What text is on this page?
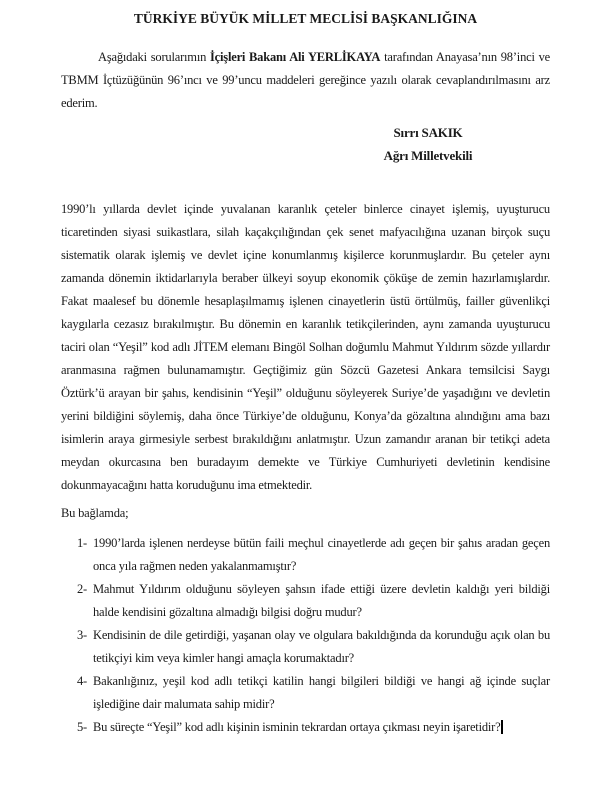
TÜRKİYE BÜYÜK MİLLET MECLİSİ BAŞKANLIĞINA

Aşağıdaki sorularımın İçişleri Bakanı Ali YERLİKAYA tarafından Anayasa’nın 98’inci ve TBMM İçtüzüğünün 96’ıncı ve 99’uncu maddeleri gereğince yazılı olarak cevaplandırılmasını arz ederim.

Sırrı SAKIK
Ağrı Milletvekili

1990’lı yıllarda devlet içinde yuvalanan karanlık çeteler binlerce cinayet işlemiş, uyuşturucu ticaretinden siyasi suikastlara, silah kaçakçılığından çek senet mafyacılığına uzanan birçok suçu sistematik olarak işlemiş ve devlet içine konumlanmış kişilerce korunmuşlardır. Bu çeteler aynı zamanda dönemin iktidarlarıyla beraber ülkeyi soyup ekonomik çöküşe de zemin hazırlamışlardır. Fakat maalesef bu dönemle hesaplaşılmamış işlenen cinayetlerin üstü örtülmüş, failler güvenlikçi kaygılarla cezasız bırakılmıştır. Bu dönemin en karanlık tetikçilerinden, aynı zamanda uyuşturucu taciri olan “Yeşil” kod adlı JİTEM elemanı Bingöl Solhan doğumlu Mahmut Yıldırım sözde yıllardır aranmasına rağmen bulunamamıştır. Geçtiğimiz gün Sözcü Gazetesi Ankara temsilcisi Saygı Öztürk’ü arayan bir şahıs, kendisinin “Yeşil” olduğunu söyleyerek Suriye’de yaşadığını ve devletin yerini bildiğini söylemiş, daha önce Türkiye’de olduğunu, Konya’da gözaltına alındığını ama bazı isimlerin araya girmesiyle serbest bırakıldığını anlatmıştır. Uzun zamandır aranan bir tetikçi adeta meydan okurcasına ben buradayım demekte ve Türkiye Cumhuriyeti devletinin kendisine dokunmayacağını hatta koruduğunu ima etmektedir.

Bu bağlamda;

1- 1990’larda işlenen nerdeyse bütün faili meçhul cinayetlerde adı geçen bir şahıs aradan geçen onca yıla rağmen neden yakalanmamıştır?
2- Mahmut Yıldırım olduğunu söyleyen şahsın ifade ettiği üzere devletin kaldığı yeri bildiği halde kendisini gözaltına almadığı bilgisi doğru mudur?
3- Kendisinin de dile getirdiği, yaşanan olay ve olgulara bakıldığında da korunduğu açık olan bu tetikçiyi kim veya kimler hangi amaçla korumaktadır?
4- Bakanlığınız, yeşil kod adlı tetikçi katilin hangi bilgileri bildiği ve hangi ağ içinde suçlar işlediğine dair malumata sahip midir?
5- Bu süreçte “Yeşil” kod adlı kişinin isminin tekrardan ortaya çıkması neyin işaretidir?
